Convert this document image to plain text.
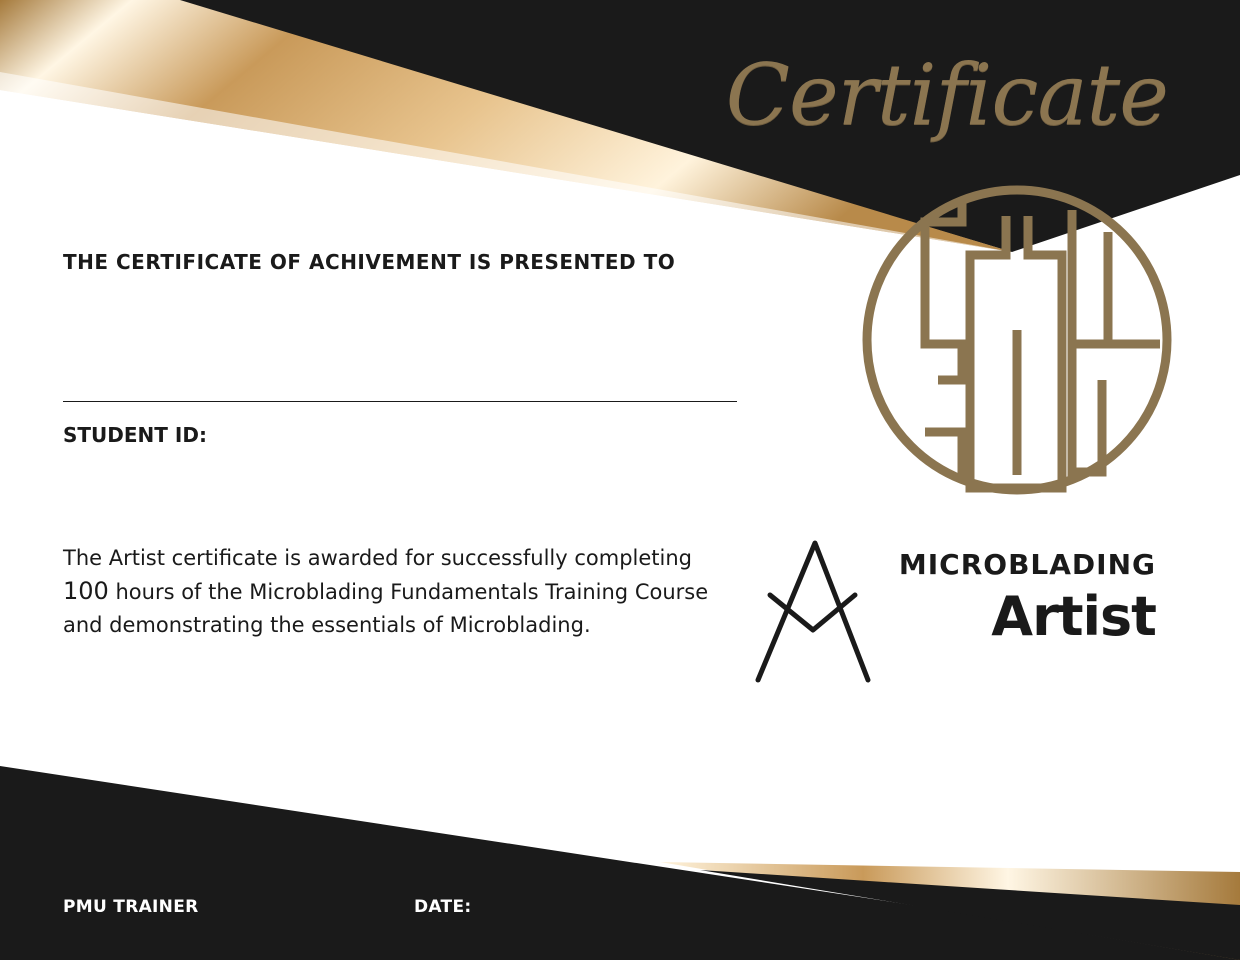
Certificate
THE CERTIFICATE OF ACHIVEMENT IS PRESENTED TO
STUDENT ID:

The Artist certificate is awarded for successfully completing 100 hours of the Microblading Fundamentals Training Course and demonstrating the essentials of Microblading.

MICROBLADING
Artist
PMU TRAINER	DATE:
